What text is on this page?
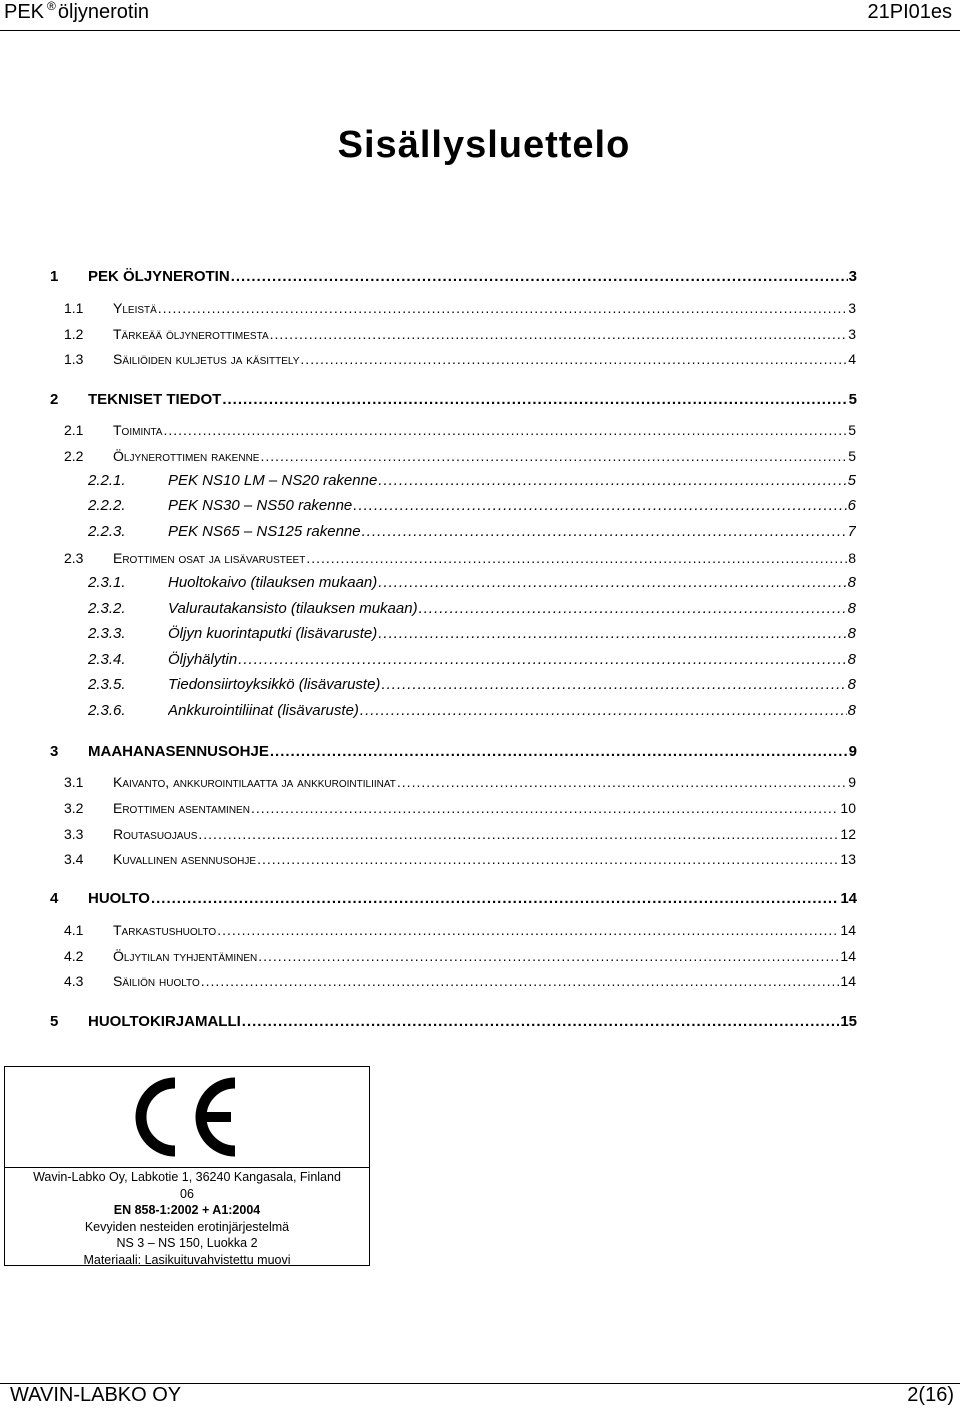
PEK ® öljynerotin	21PI01es
Sisällysluettelo
1 PEK ÖLJYNEROTIN .....	3
1.1 Yleistä .....	3
1.2 Tärkeää öljynerottimesta .....	3
1.3 Säiliöiden kuljetus ja käsittely .....	4
2 TEKNISET TIEDOT .....	5
2.1 Toiminta .....	5
2.2 Öljynerottimen rakenne .....	5
2.2.1.	PEK NS10 LM – NS20 rakenne .....	5
2.2.2.	PEK NS30 – NS50 rakenne .....	6
2.2.3.	PEK NS65 – NS125 rakenne .....	7
2.3 Erottimen osat ja lisävarusteet .....	8
2.3.1.	Huoltokaivo (tilauksen mukaan) .....	8
2.3.2.	Valurautakansisto (tilauksen mukaan) .....	8
2.3.3.	Öljyn kuorintaputki (lisävaruste) .....	8
2.3.4.	Öljyhälytin .....	8
2.3.5.	Tiedonsiirtoyksikkö (lisävaruste) .....	8
2.3.6.	Ankkurointiliinat (lisävaruste) .....	8
3 MAAHANASENNUSOHJE .....	9
3.1 Kaivanto, ankkurointilaatta ja ankkurointiliinat .....	9
3.2 Erottimen asentaminen .....	10
3.3 Routasuojaus .....	12
3.4 Kuvallinen asennusohje .....	13
4 HUOLTO .....	14
4.1 Tarkastushuolto .....	14
4.2 Öljytilan tyhjentäminen .....	14
4.3 Säiliön huolto .....	14
5 HUOLTOKIRJAMALLI .....	15
Wavin-Labko Oy, Labkotie 1, 36240 Kangasala, Finland
06
EN 858-1:2002 + A1:2004
Kevyiden nesteiden erotinjärjestelmä
NS 3 – NS 150, Luokka 2
Materiaali: Lasikuituvahvistettu muovi
WAVIN-LABKO OY	2(16)
